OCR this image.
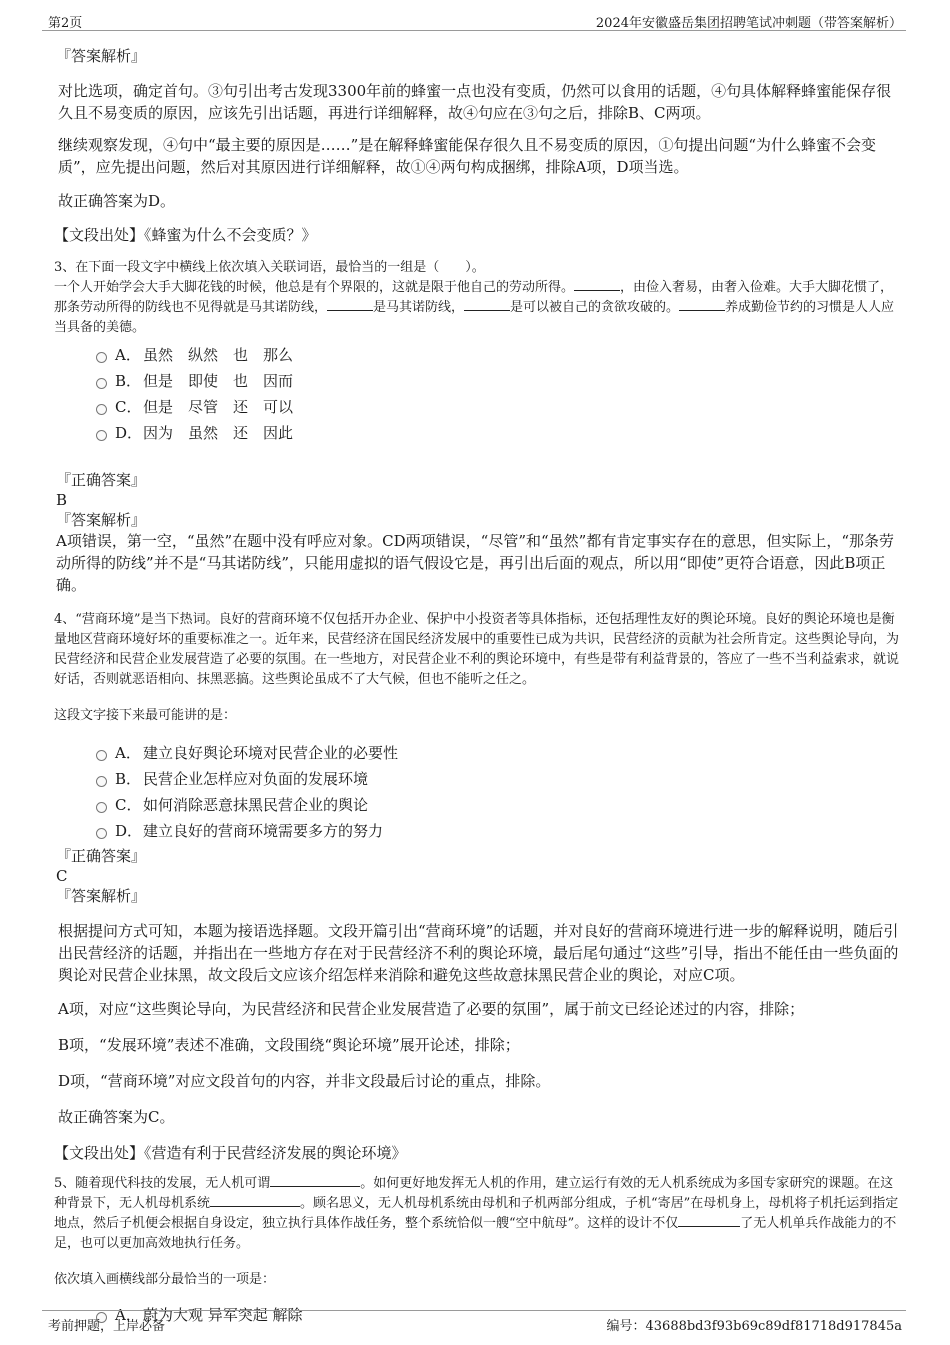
第2页	2024年安徽盛岳集团招聘笔试冲刺题（带答案解析）
『答案解析』

对比选项，确定首句。③句引出考古发现3300年前的蜂蜜一点也没有变质，仍然可以食用的话题，④句具体解释蜂蜜能保存很久且不易变质的原因，应该先引出话题，再进行详细解释，故④句应在③句之后，排除B、C两项。

继续观察发现，④句中“最主要的原因是……”是在解释蜂蜜能保存很久且不易变质的原因，①句提出问题“为什么蜂蜜不会变质”，应先提出问题，然后对其原因进行详细解释，故①④两句构成捆绑，排除A项，D项当选。

故正确答案为D。

【文段出处】《蜂蜜为什么不会变质？》
3、在下面一段文字中横线上依次填入关联词语，最恰当的一组是（　　）。
一个人开始学会大手大脚花钱的时候，他总是有个界限的，这就是限于他自己的劳动所得。	，由俭入奢易，由奢入俭难。大手大脚花惯了，那条劳动所得的防线也不见得就是马其诺防线，	是马其诺防线，	是可以被自己的贪欲攻破的。	养成勤俭节约的习惯是人人应当具备的美德。
A． 虽然　纵然　也　那么
B． 但是　即使　也　因而
C． 但是　尽管　还　可以
D．因为　虽然　还　因此
『正确答案』
B
『答案解析』

A项错误，第一空，“虽然”在题中没有呼应对象。CD两项错误，“尽管”和“虽然”都有肯定事实存在的意思，但实际上，“那条劳动所得的防线”并不是“马其诺防线”，只能用虚拟的语气假设它是，再引出后面的观点，所以用“即使”更符合语意，因此B项正确。

4、“营商环境”是当下热词。良好的营商环境不仅包括开办企业、保护中小投资者等具体指标，还包括理性友好的舆论环境。良好的舆论环境也是衡量地区营商环境好坏的重要标准之一。近年来，民营经济在国民经济发展中的重要性已成为共识，民营经济的贡献为社会所肯定。这些舆论导向，为民营经济和民营企业发展营造了必要的氛围。在一些地方，对民营企业不利的舆论环境中，有些是带有利益背景的，答应了一些不当利益索求，就说好话，否则就恶语相向、抹黑恶搞。这些舆论虽成不了大气候，但也不能听之任之。
这段文字接下来最可能讲的是：
A． 建立良好舆论环境对民营企业的必要性
B． 民营企业怎样应对负面的发展环境
C． 如何消除恶意抹黑民营企业的舆论
D．建立良好的营商环境需要多方的努力
『正确答案』
C
『答案解析』

根据提问方式可知，本题为接语选择题。文段开篇引出“营商环境”的话题，并对良好的营商环境进行进一步的解释说明，随后引出民营经济的话题，并指出在一些地方存在对于民营经济不利的舆论环境，最后尾句通过“这些”引导，指出不能任由一些负面的舆论对民营企业抹黑，故文段后文应该介绍怎样来消除和避免这些故意抹黑民营企业的舆论，对应C项。

A项，对应“这些舆论导向，为民营经济和民营企业发展营造了必要的氛围”，属于前文已经论述过的内容，排除；

B项，“发展环境”表述不准确，文段围绕“舆论环境”展开论述，排除；

D项，“营商环境”对应文段首句的内容，并非文段最后讨论的重点，排除。

故正确答案为C。

【文段出处】《营造有利于民营经济发展的舆论环境》
5、随着现代科技的发展，无人机可谓	。如何更好地发挥无人机的作用，建立运行有效的无人机系统成为多国专家研究的课题。在这种背景下，无人机母机系统	。顾名思义，无人机母机系统由母机和子机两部分组成，子机“寄居”在母机身上，母机将子机托运到指定地点，然后子机便会根据自身设定，独立执行具体作战任务，整个系统恰似一艘“空中航母”。这样的设计不仅	了无人机单兵作战能力的不足，也可以更加高效地执行任务。
依次填入画横线部分最恰当的一项是：
A． 蔚为大观 异军突起 解除
考前押题，上岸必备	编号：43688bd3f93b69c89df81718d917845a
